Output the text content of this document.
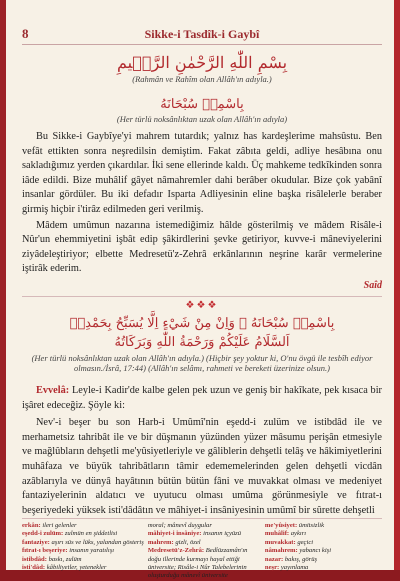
8	Sikke-i Tasdîk-i Gaybî
بِسْمِ اللّٰهِ الرَّحْمٰنِ الرَّح۪يمِ
(Rahmân ve Rahîm olan Allâh'ın adıyla.)
بِاسْمِه۪ سُبْحَانَهُ
(Her türlü noksânlıktan uzak olan Allâh'ın adıyla)

Bu Sikke-i Gaybîye'yi mahrem tutardık; yalnız has kardeşlerime mahsûstu. Ben vefât ettikten sonra neşredilsin demiştim. Fakat zâbıta geldi, adliye hesâbına onu sakladığımız yerden çıkardılar. İki sene ellerinde kaldı. Üç mahkeme tedkîkinden sonra iâde edildi. Bize muhâlif gâyet nâmahremler dahi berâber okudular. Bize çok yabânî insanlar gördüler. Bu iki defadır Isparta Adliyesinin eline başka risâlelerle beraber girmiş hiçbir i'tirâz edilmeden geri verilmiş.

Mâdem umûmun nazarına istemediğimiz hâlde gösterilmiş ve mâdem Risâle-i Nûr'un ehemmiyetini işbât edip şâkirdlerini şevke getiriyor, kuvve-i mâneviyelerini ziyâdeleştiriyor; elbette Medresetü'z-Zehrâ erkânlarının neşrine karâr vermelerine iştirâk ederim.

Saîd
❖❖❖
بِاسْمِه۪ سُبْحَانَهُ ۞ وَاِنْ مِنْ شَيْءٍ اِلَّا يُسَبِّحُ بِحَمْدِه۪
اَلسَّلَامُ عَلَيْكُمْ وَرَحْمَةُ اللّٰهِ وَبَرَكَاتُهُ
(Her türlü noksânlıktan uzak olan Allâh'ın adıyla.) (Hiçbir şey yoktur ki, O'nu övgü ile tesbîh ediyor olmasın./İsrâ, 17:44) (Allâh'ın selâmı, rahmeti ve bereketi üzerinize olsun.)

Evvelâ: Leyle-i Kadir'de kalbe gelen pek uzun ve geniş bir hakîkate, pek kısaca bir işâret edeceğiz. Şöyle ki:

Nev'-i beşer bu son Harb-i Umûmî'nin eşedd-i zulüm ve istibdâd ile ve merhametsiz tahribât ile ve bir düşmanın yüzünden yüzer mâsumu perişân etmesiyle ve mağlûbların dehşetli me'yûsiyetleriyle ve gâliblerin dehşetli telâş ve hâkimiyetlerini muhâfaza ve büyük tahribâtların tâmir edememelerinden gelen dehşetli vicdân azâblarıyla ve dünyâ hayâtının bütün bütün fâni ve muvakkat olması ve medeniyet fantaziyelerinin aldatıcı ve uyutucu olması umûma görünmesiyle ve fıtrat-ı beşeriyedeki yüksek isti'dâdâtın ve mâhiyet-i insâniyesinin umûmî bir sûrette dehşetli

erkân: ileri gelenler
eşedd-i zulüm: zulmün en şiddetlisi
fantaziye: aşırı süs ve lüks, yalandan gösteriş
fıtrat-ı beşeriye: insanın yaratılışı
istibdâd: baskı, zulüm
isti'dâd: kâbiliyetler, yetenekler
moral; mânevî duygular
mâhiyet-i insâniye: insanın içyüzü
mahrem: gizli, özel
Medresetü'z-Zehrâ: Bedîüzzamân'ın doğu illerinde kurmayı hayal ettiği üniversite; Risâle-i Nûr Talebelerinin oluşturduğu mânevî üniversite
me'yûsiyet: ümitsizlik
muhâlif: aykırı
muvakkat: geçici
nâmahrem: yabancı kişi
nazar: bakış, görüş
neşr: yayınlama
